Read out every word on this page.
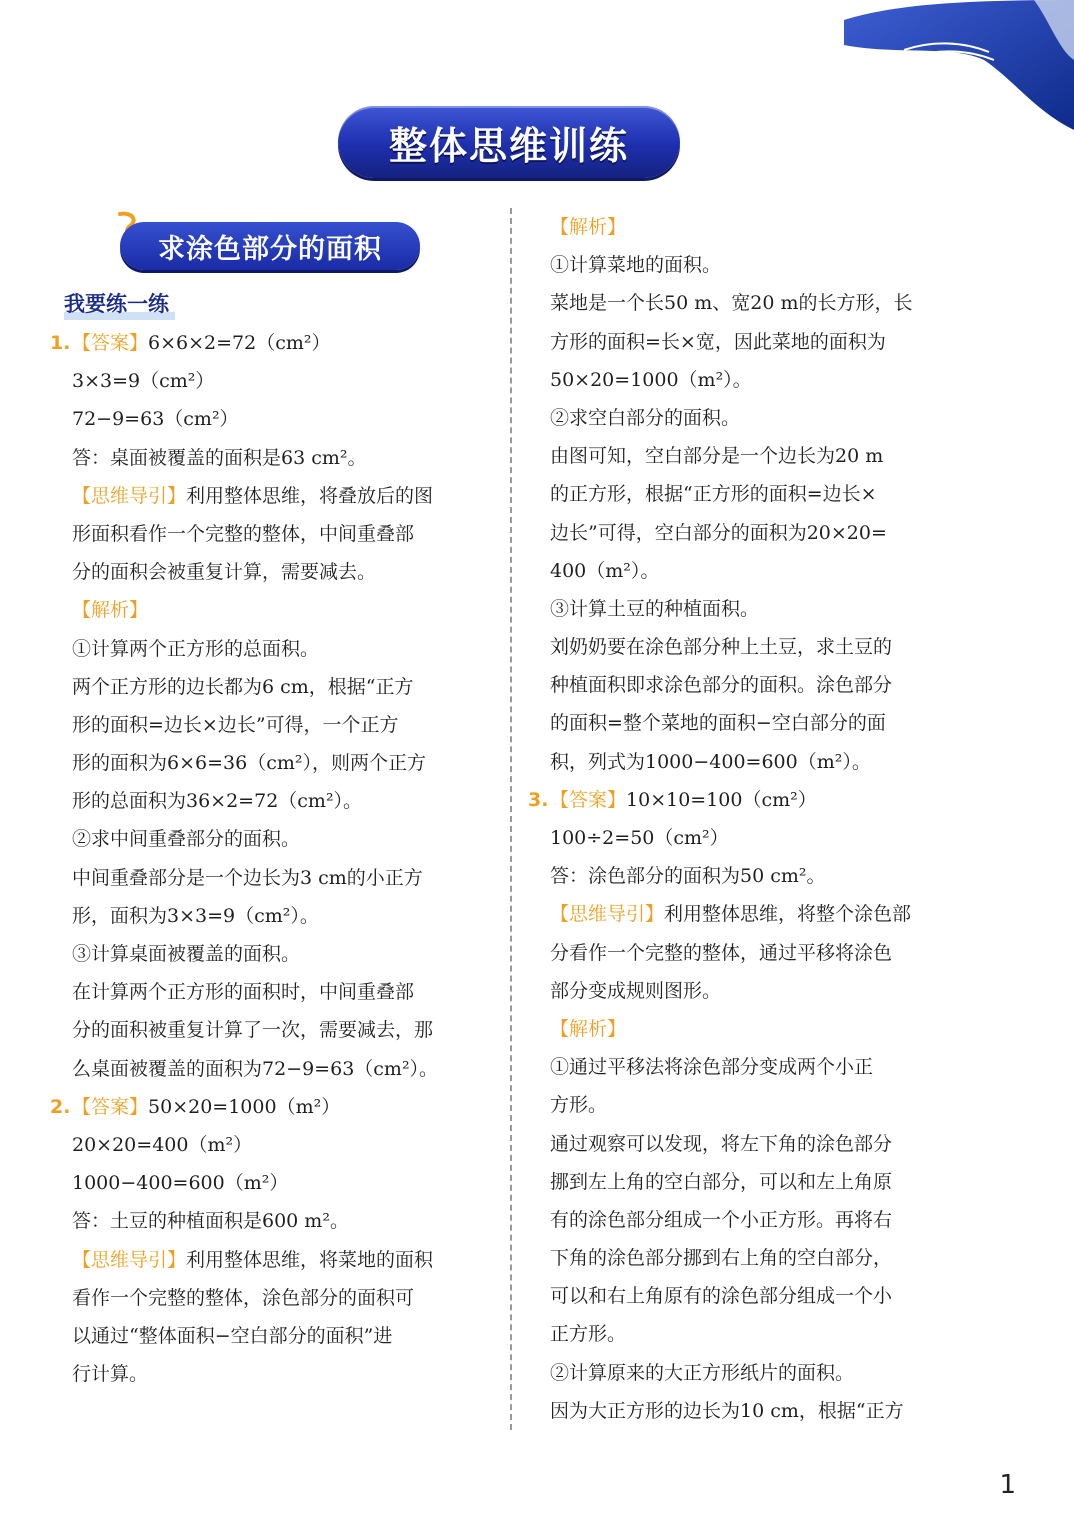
整体思维训练
求涂色部分的面积
我要练一练
1.【答案】6×6×2=72（cm²）
3×3=9（cm²）
72−9=63（cm²）
答：桌面被覆盖的面积是63 cm²。
【思维导引】利用整体思维，将叠放后的图
形面积看作一个完整的整体，中间重叠部
分的面积会被重复计算，需要减去。
【解析】
①计算两个正方形的总面积。
两个正方形的边长都为6 cm，根据“正方
形的面积=边长×边长”可得，一个正方
形的面积为6×6=36（cm²），则两个正方
形的总面积为36×2=72（cm²）。
②求中间重叠部分的面积。
中间重叠部分是一个边长为3 cm的小正方
形，面积为3×3=9（cm²）。
③计算桌面被覆盖的面积。
在计算两个正方形的面积时，中间重叠部
分的面积被重复计算了一次，需要减去，那
么桌面被覆盖的面积为72−9=63（cm²）。
2.【答案】50×20=1000（m²）
20×20=400（m²）
1000−400=600（m²）
答：土豆的种植面积是600 m²。
【思维导引】利用整体思维，将菜地的面积
看作一个完整的整体，涂色部分的面积可
以通过“整体面积−空白部分的面积”进
行计算。
【解析】
①计算菜地的面积。
菜地是一个长50 m、宽20 m的长方形，长
方形的面积=长×宽，因此菜地的面积为
50×20=1000（m²）。
②求空白部分的面积。
由图可知，空白部分是一个边长为20 m
的正方形，根据“正方形的面积=边长×
边长”可得，空白部分的面积为20×20=
400（m²）。
③计算土豆的种植面积。
刘奶奶要在涂色部分种上土豆，求土豆的
种植面积即求涂色部分的面积。涂色部分
的面积=整个菜地的面积−空白部分的面
积，列式为1000−400=600（m²）。
3.【答案】10×10=100（cm²）
100÷2=50（cm²）
答：涂色部分的面积为50 cm²。
【思维导引】利用整体思维，将整个涂色部
分看作一个完整的整体，通过平移将涂色
部分变成规则图形。
【解析】
①通过平移法将涂色部分变成两个小正
方形。
通过观察可以发现，将左下角的涂色部分
挪到左上角的空白部分，可以和左上角原
有的涂色部分组成一个小正方形。再将右
下角的涂色部分挪到右上角的空白部分，
可以和右上角原有的涂色部分组成一个小
正方形。
②计算原来的大正方形纸片的面积。
因为大正方形的边长为10 cm，根据“正方
1
